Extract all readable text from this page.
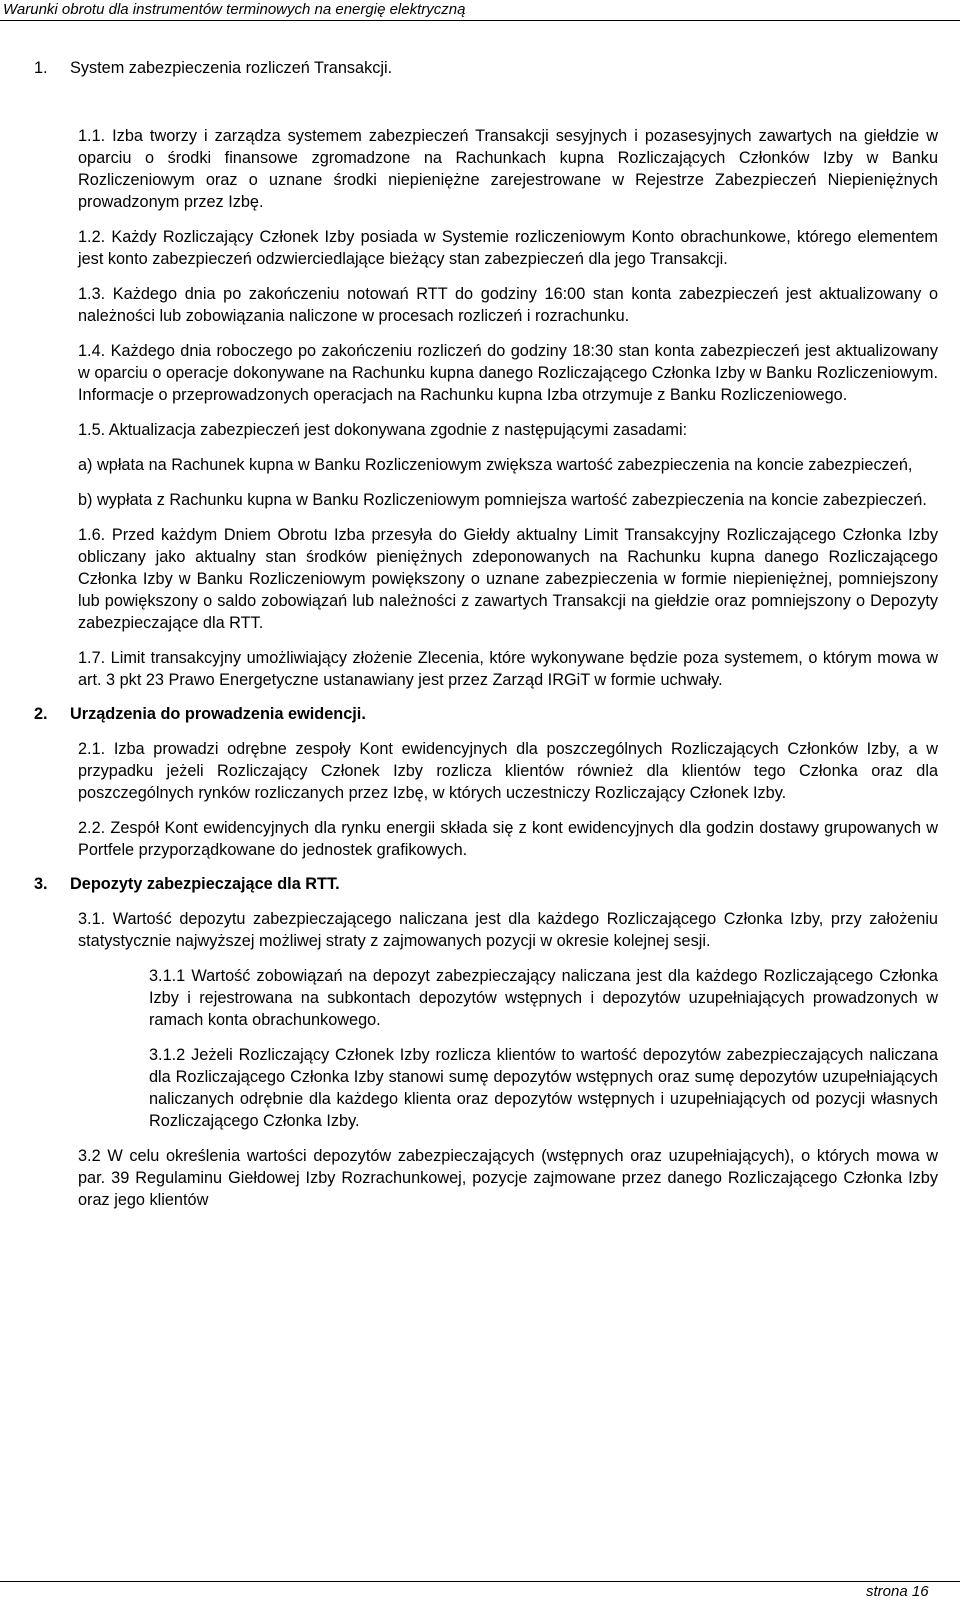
Warunki obrotu dla instrumentów terminowych na energię elektryczną
1.	System zabezpieczenia rozliczeń Transakcji.

1.1. Izba tworzy i zarządza systemem zabezpieczeń Transakcji sesyjnych i pozasesyjnych zawartych na giełdzie w oparciu o środki finansowe zgromadzone na Rachunkach kupna Rozliczających Członków Izby w Banku Rozliczeniowym oraz o uznane środki niepieniężne zarejestrowane w Rejestrze Zabezpieczeń Niepieniężnych prowadzonym przez Izbę.

1.2. Każdy Rozliczający Członek Izby posiada w Systemie rozliczeniowym Konto obrachunkowe, którego elementem jest konto zabezpieczeń odzwierciedlające bieżący stan zabezpieczeń dla jego Transakcji.

1.3. Każdego dnia po zakończeniu notowań RTT do godziny 16:00 stan konta zabezpieczeń jest aktualizowany o należności lub zobowiązania naliczone w procesach rozliczeń i rozrachunku.

1.4. Każdego dnia roboczego po zakończeniu rozliczeń do godziny 18:30 stan konta zabezpieczeń jest aktualizowany w oparciu o operacje dokonywane na Rachunku kupna danego Rozliczającego Członka Izby w Banku Rozliczeniowym. Informacje o przeprowadzonych operacjach na Rachunku kupna Izba otrzymuje z Banku Rozliczeniowego.

1.5. Aktualizacja zabezpieczeń jest dokonywana zgodnie z następującymi zasadami:

a) wpłata na Rachunek kupna w Banku Rozliczeniowym zwiększa wartość zabezpieczenia na koncie zabezpieczeń,

b) wypłata z Rachunku kupna w Banku Rozliczeniowym pomniejsza wartość zabezpieczenia na koncie zabezpieczeń.

1.6. Przed każdym Dniem Obrotu Izba przesyła do Giełdy aktualny Limit Transakcyjny Rozliczającego Członka Izby obliczany jako aktualny stan środków pieniężnych zdeponowanych na Rachunku kupna danego Rozliczającego Członka Izby w Banku Rozliczeniowym powiększony o uznane zabezpieczenia w formie niepieniężnej, pomniejszony lub powiększony o saldo zobowiązań lub należności z zawartych Transakcji na giełdzie oraz pomniejszony o Depozyty zabezpieczające dla RTT.

1.7. Limit transakcyjny umożliwiający złożenie Zlecenia, które wykonywane będzie poza systemem, o którym mowa w art. 3 pkt 23 Prawo Energetyczne ustanawiany jest przez Zarząd IRGiT w formie uchwały.

2.	Urządzenia do prowadzenia ewidencji.

2.1. Izba prowadzi odrębne zespoły Kont ewidencyjnych dla poszczególnych Rozliczających Członków Izby, a w przypadku jeżeli Rozliczający Członek Izby rozlicza klientów również dla klientów tego Członka oraz dla poszczególnych rynków rozliczanych przez Izbę, w których uczestniczy Rozliczający Członek Izby.

2.2. Zespół Kont ewidencyjnych dla rynku energii składa się z kont ewidencyjnych dla godzin dostawy grupowanych w Portfele przyporządkowane do jednostek grafikowych.

3.	Depozyty zabezpieczające dla RTT.

3.1. Wartość depozytu zabezpieczającego naliczana jest dla każdego Rozliczającego Członka Izby, przy założeniu statystycznie najwyższej możliwej straty z zajmowanych pozycji w okresie kolejnej sesji.

3.1.1 Wartość zobowiązań na depozyt zabezpieczający naliczana jest dla każdego Rozliczającego Członka Izby i rejestrowana na subkontach depozytów wstępnych i depozytów uzupełniających prowadzonych w ramach konta obrachunkowego.

3.1.2 Jeżeli Rozliczający Członek Izby rozlicza klientów to wartość depozytów zabezpieczających naliczana dla Rozliczającego Członka Izby stanowi sumę depozytów wstępnych oraz sumę depozytów uzupełniających naliczanych odrębnie dla każdego klienta oraz depozytów wstępnych i uzupełniających od pozycji własnych Rozliczającego Członka Izby.

3.2 W celu określenia wartości depozytów zabezpieczających (wstępnych oraz uzupełniających), o których mowa w par. 39 Regulaminu Giełdowej Izby Rozrachunkowej, pozycje zajmowane przez danego Rozliczającego Członka Izby oraz jego klientów

strona 16
